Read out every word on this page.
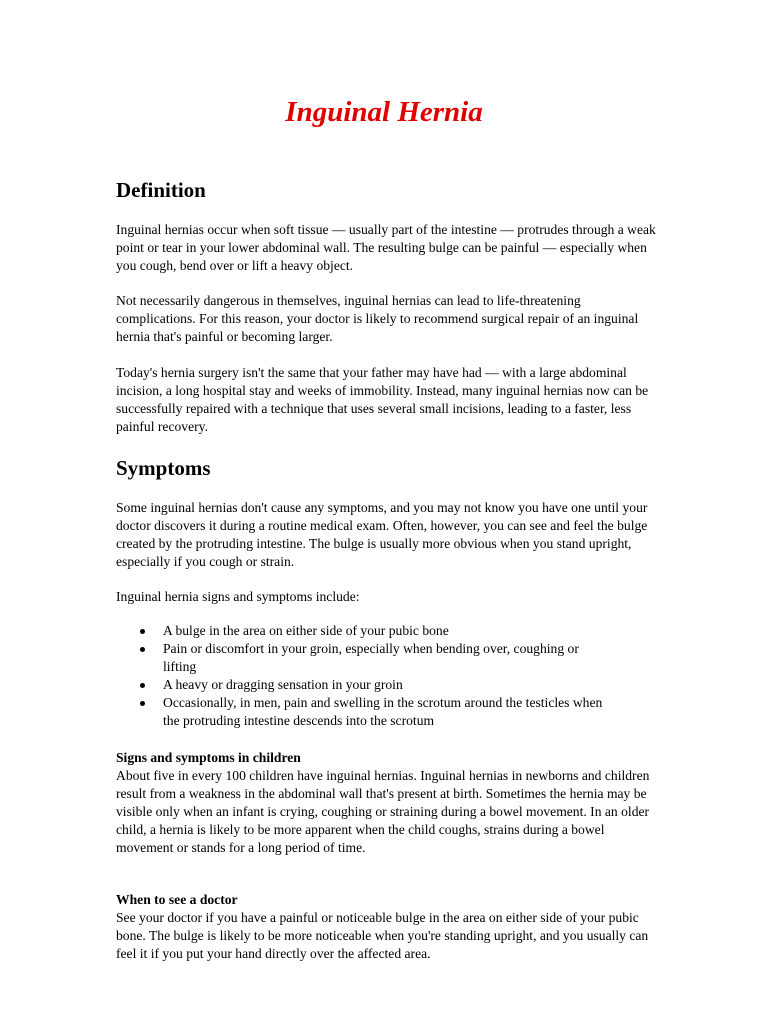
Inguinal Hernia
Definition

Inguinal hernias occur when soft tissue — usually part of the intestine — protrudes through a weak point or tear in your lower abdominal wall. The resulting bulge can be painful — especially when you cough, bend over or lift a heavy object.

Not necessarily dangerous in themselves, inguinal hernias can lead to life-threatening complications. For this reason, your doctor is likely to recommend surgical repair of an inguinal hernia that's painful or becoming larger.

Today's hernia surgery isn't the same that your father may have had — with a large abdominal incision, a long hospital stay and weeks of immobility. Instead, many inguinal hernias now can be successfully repaired with a technique that uses several small incisions, leading to a faster, less painful recovery.

Symptoms

Some inguinal hernias don't cause any symptoms, and you may not know you have one until your doctor discovers it during a routine medical exam. Often, however, you can see and feel the bulge created by the protruding intestine. The bulge is usually more obvious when you stand upright, especially if you cough or strain.

Inguinal hernia signs and symptoms include:

A bulge in the area on either side of your pubic bone
Pain or discomfort in your groin, especially when bending over, coughing or lifting
A heavy or dragging sensation in your groin
Occasionally, in men, pain and swelling in the scrotum around the testicles when the protruding intestine descends into the scrotum
Signs and symptoms in children

About five in every 100 children have inguinal hernias. Inguinal hernias in newborns and children result from a weakness in the abdominal wall that's present at birth. Sometimes the hernia may be visible only when an infant is crying, coughing or straining during a bowel movement. In an older child, a hernia is likely to be more apparent when the child coughs, strains during a bowel movement or stands for a long period of time.

When to see a doctor

See your doctor if you have a painful or noticeable bulge in the area on either side of your pubic bone. The bulge is likely to be more noticeable when you're standing upright, and you usually can feel it if you put your hand directly over the affected area.
